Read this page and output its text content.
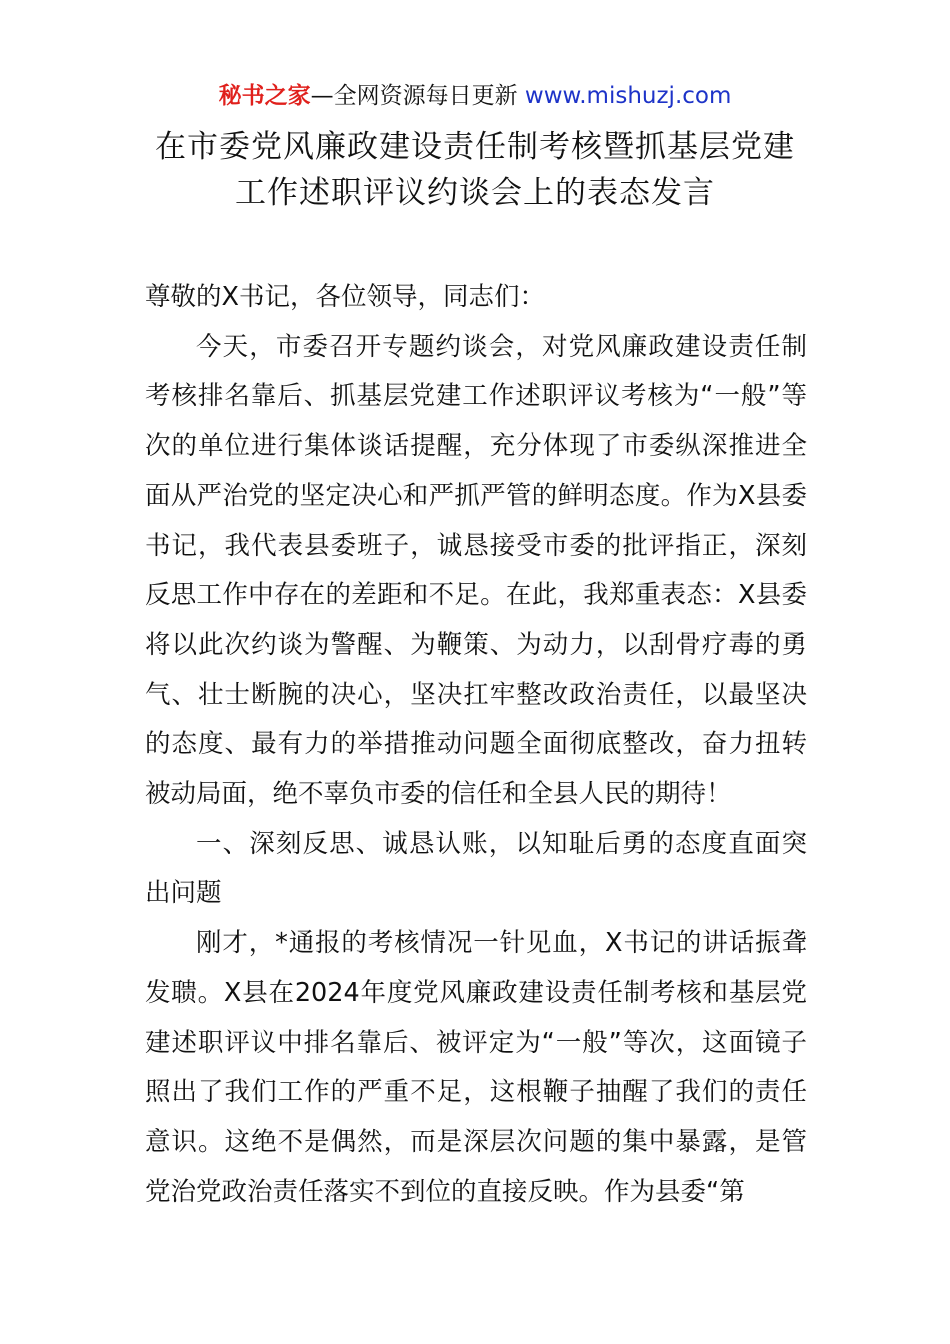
秘书之家—全网资源每日更新 www.mishuzj.com
在市委党风廉政建设责任制考核暨抓基层党建
工作述职评议约谈会上的表态发言

尊敬的X书记，各位领导，同志们：

今天，市委召开专题约谈会，对党风廉政建设责任制考核排名靠后、抓基层党建工作述职评议考核为“一般”等次的单位进行集体谈话提醒，充分体现了市委纵深推进全面从严治党的坚定决心和严抓严管的鲜明态度。作为X县委书记，我代表县委班子，诚恳接受市委的批评指正，深刻反思工作中存在的差距和不足。在此，我郑重表态：X县委将以此次约谈为警醒、为鞭策、为动力，以刮骨疗毒的勇气、壮士断腕的决心，坚决扛牢整改政治责任，以最坚决的态度、最有力的举措推动问题全面彻底整改，奋力扭转被动局面，绝不辜负市委的信任和全县人民的期待！

一、深刻反思、诚恳认账，以知耻后勇的态度直面突出问题

刚才，*通报的考核情况一针见血，X书记的讲话振聋发聩。X县在2024年度党风廉政建设责任制考核和基层党建述职评议中排名靠后、被评定为“一般”等次，这面镜子照出了我们工作的严重不足，这根鞭子抽醒了我们的责任意识。这绝不是偶然，而是深层次问题的集中暴露，是管党治党政治责任落实不到位的直接反映。作为县委“第
